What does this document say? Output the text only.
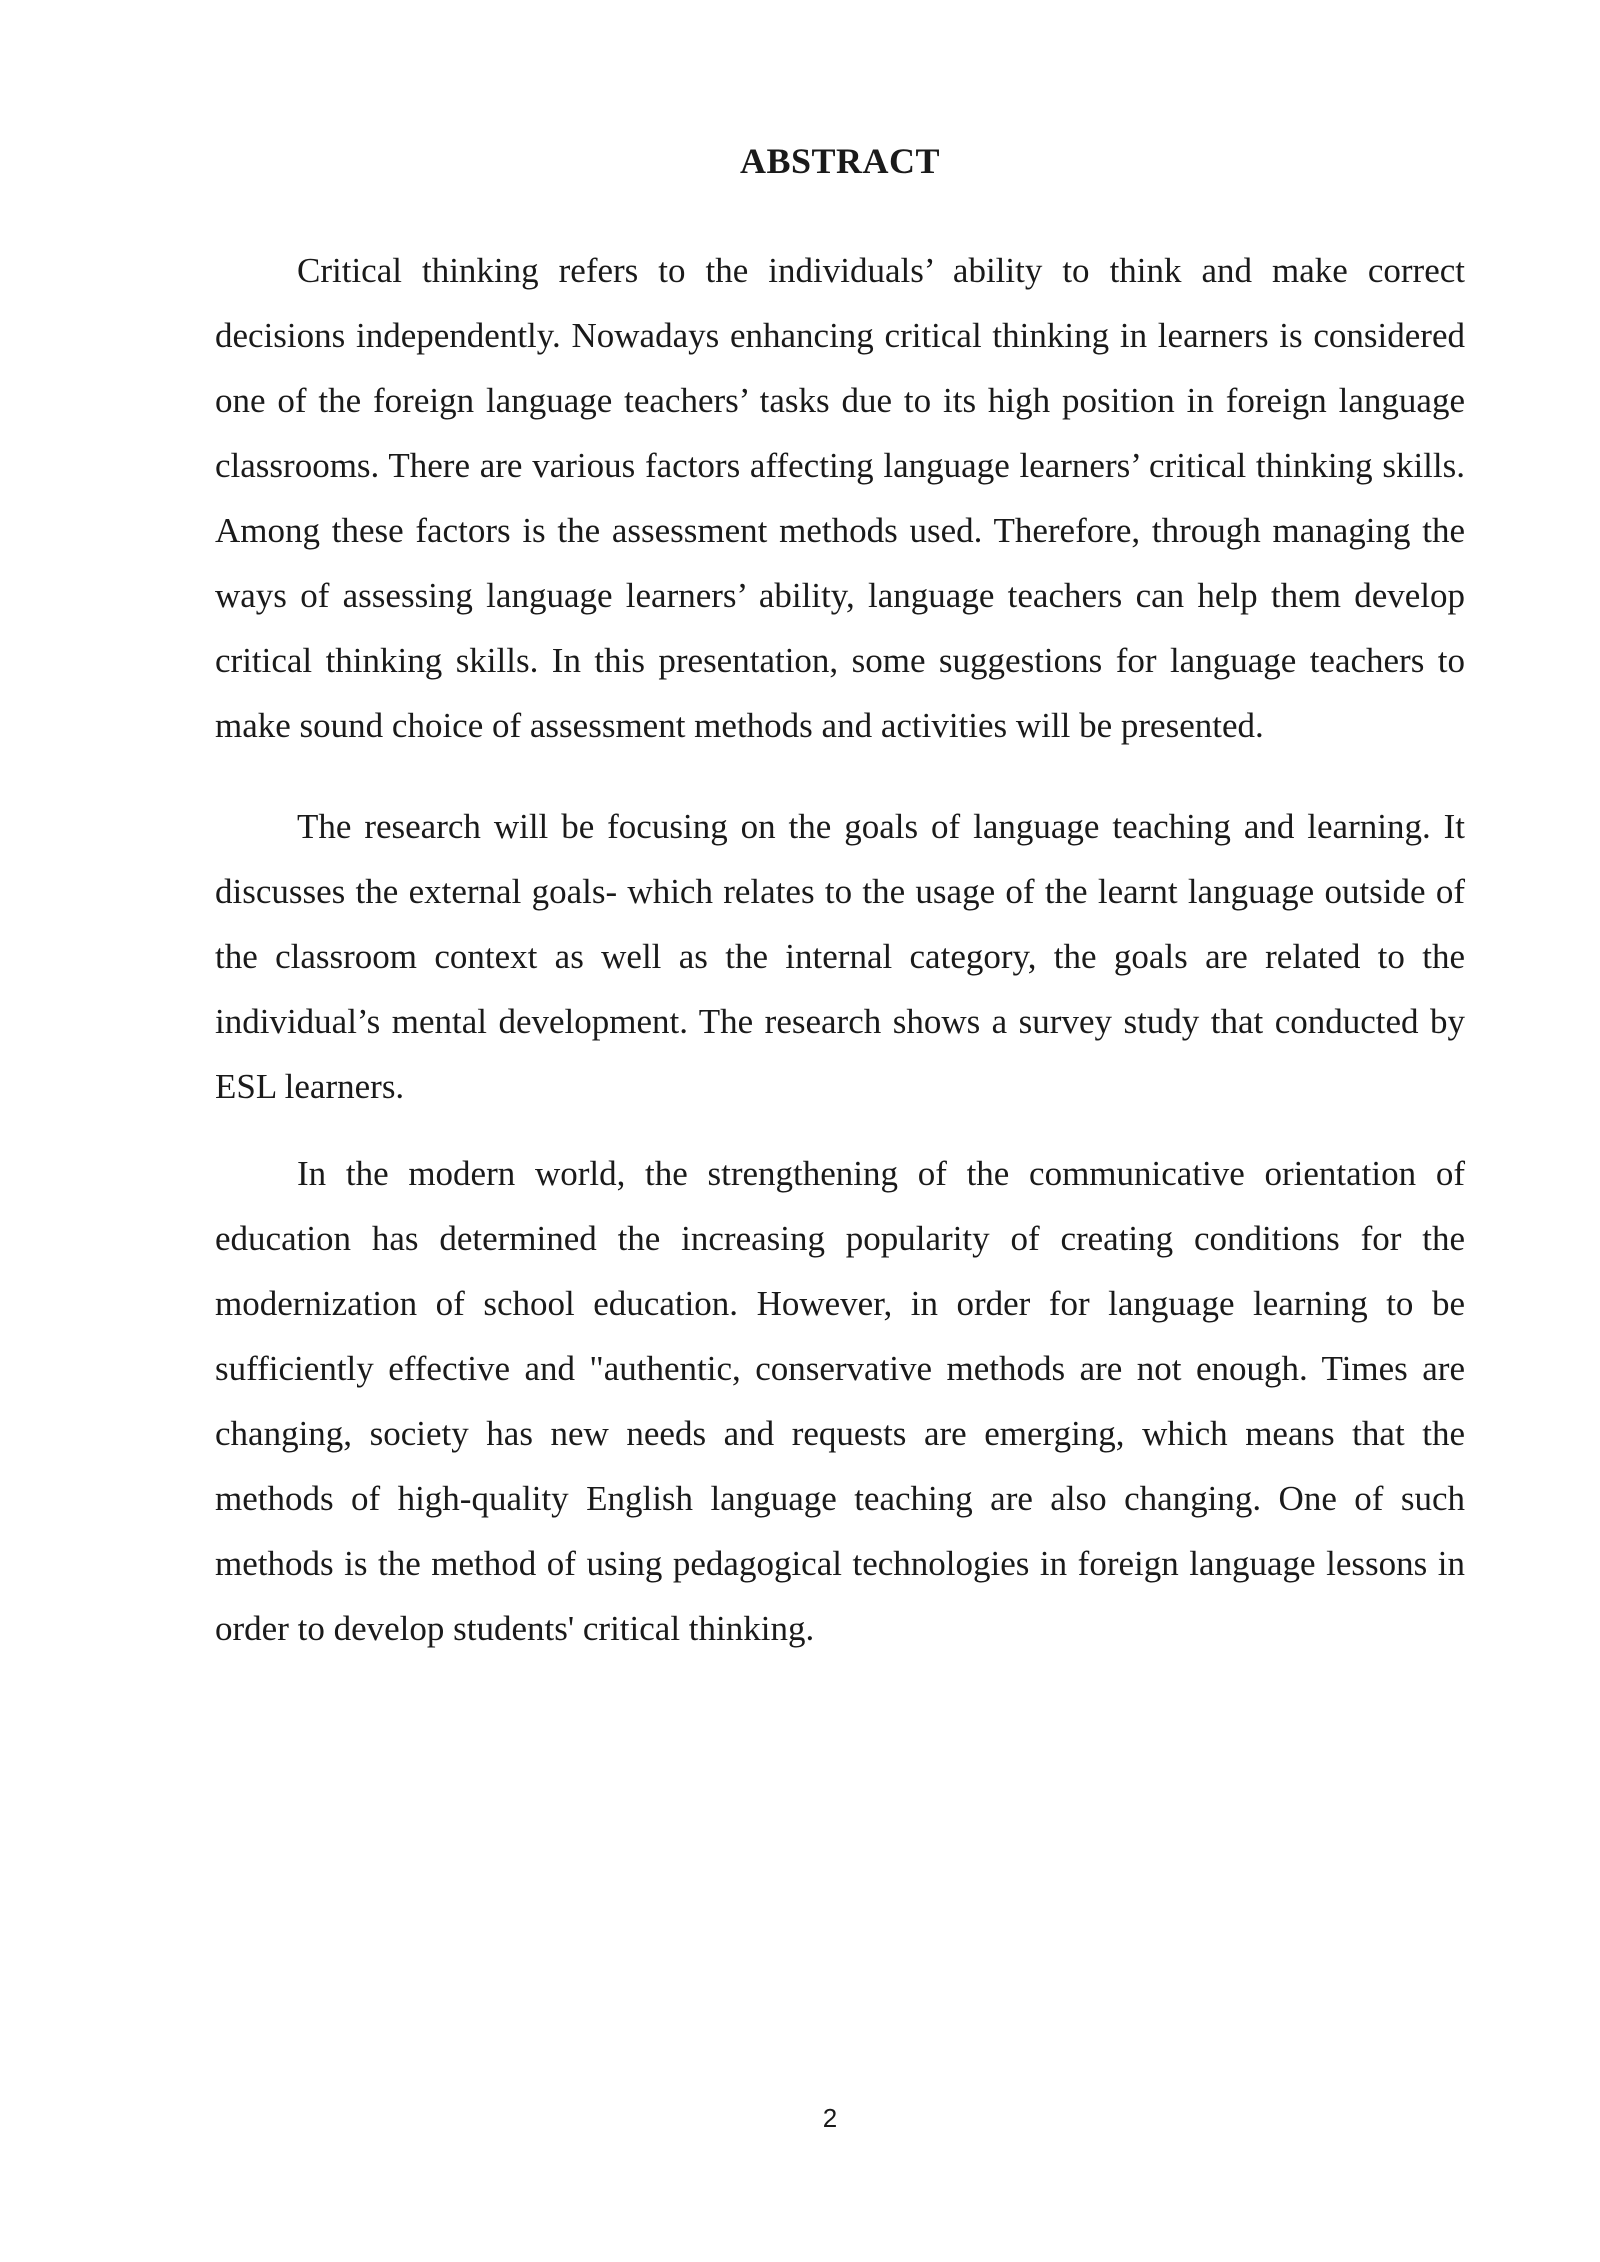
ABSTRACT

Critical thinking refers to the individuals’ ability to think and make correct decisions independently. Nowadays enhancing critical thinking in learners is considered one of the foreign language teachers’ tasks due to its high position in foreign language classrooms. There are various factors affecting language learners’ critical thinking skills. Among these factors is the assessment methods used. Therefore, through managing the ways of assessing language learners’ ability, language teachers can help them develop critical thinking skills. In this presentation, some suggestions for language teachers to make sound choice of assessment methods and activities will be presented.

The research will be focusing on the goals of language teaching and learning. It discusses the external goals- which relates to the usage of the learnt language outside of the classroom context as well as the internal category, the goals are related to the individual’s mental development. The research shows a survey study that conducted by ESL learners.

In the modern world, the strengthening of the communicative orientation of education has determined the increasing popularity of creating conditions for the modernization of school education. However, in order for language learning to be sufficiently effective and "authentic, conservative methods are not enough. Times are changing, society has new needs and requests are emerging, which means that the methods of high-quality English language teaching are also changing. One of such methods is the method of using pedagogical technologies in foreign language lessons in order to develop students' critical thinking.

2
